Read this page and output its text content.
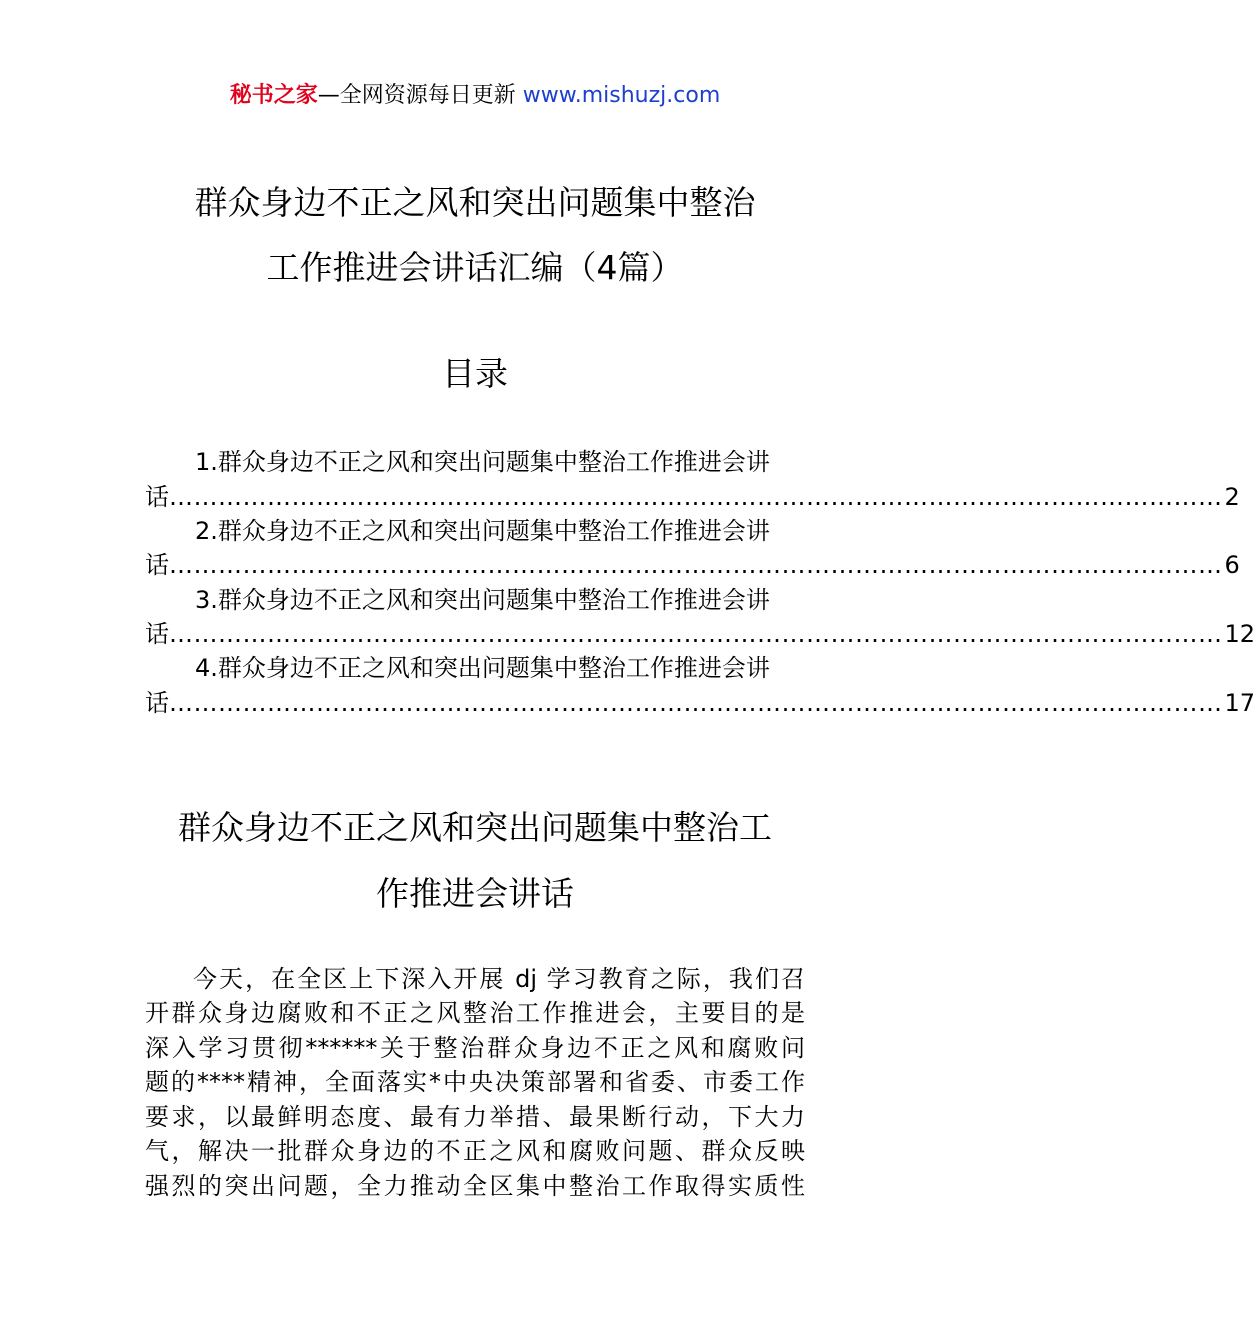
秘书之家—全网资源每日更新 www.mishuzj.com
群众身边不正之风和突出问题集中整治
工作推进会讲话汇编（4篇）
目录
1.群众身边不正之风和突出问题集中整治工作推进会讲
话 ………………………………………………………………………………………………………………… 2
2.群众身边不正之风和突出问题集中整治工作推进会讲
话 ………………………………………………………………………………………………………………… 6
3.群众身边不正之风和突出问题集中整治工作推进会讲
话 ………………………………………………………………………………………………………………… 12
4.群众身边不正之风和突出问题集中整治工作推进会讲
话 ………………………………………………………………………………………………………………… 17
群众身边不正之风和突出问题集中整治工
作推进会讲话
今天，在全区上下深入开展 dj 学习教育之际，我们召
开群众身边腐败和不正之风整治工作推进会，主要目的是
深入学习贯彻******关于整治群众身边不正之风和腐败问
题的****精神，全面落实*中央决策部署和省委、市委工作
要求，以最鲜明态度、最有力举措、最果断行动，下大力
气，解决一批群众身边的不正之风和腐败问题、群众反映
强烈的突出问题，全力推动全区集中整治工作取得实质性
